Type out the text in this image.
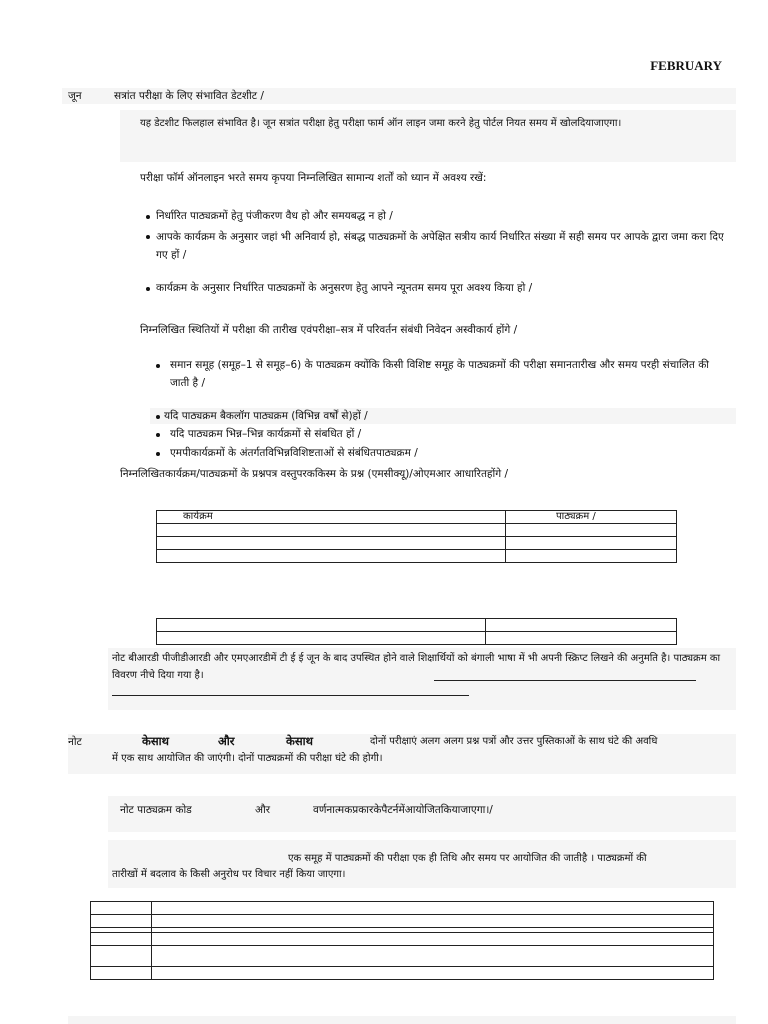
FEBRUARY
जून	सत्रांत परीक्षा के लिए संभावित डेटशीट /
यह डेटशीट फिलहाल संभावित है। जून सत्रांत परीक्षा हेतु परीक्षा फार्म ऑन लाइन जमा करने हेतु पोर्टल नियत समय में खोलदियाजाएगा।
परीक्षा फॉर्म ऑनलाइन भरते समय कृपया निम्नलिखित सामान्य शर्तों को ध्यान में अवश्य रखें:
निर्धारित पाठ्यक्रमों हेतु पंजीकरण वैध हो और समयबद्ध न हो /
आपके कार्यक्रम के अनुसार जहां भी अनिवार्य हो, संबद्ध पाठ्यक्रमों के अपेक्षित सत्रीय कार्य निर्धारित संख्या में सही समय पर आपके द्वारा जमा करा दिए गए हों /
कार्यक्रम के अनुसार निर्धारित पाठ्यक्रमों के अनुसरण हेतु आपने न्यूनतम समय पूरा अवश्य किया हो /
निम्नलिखित स्थितियों में परीक्षा की तारीख एवंपरीक्षा–सत्र में परिवर्तन संबंधी निवेदन अस्वीकार्य होंगे /
समान समूह (समूह–1 से समूह–6) के पाठ्यक्रम क्योंकि किसी विशिष्ट समूह के पाठ्यक्रमों की परीक्षा समानतारीख और समय परही संचालित की जाती है /
यदि पाठ्यक्रम बैकलॉग पाठ्यक्रम (विभिन्न वर्षों से)हों /
यदि पाठ्यक्रम भिन्न–भिन्न कार्यक्रमों से संबधित हों /
एमपीकार्यक्रमों के अंतर्गतविभिन्नविशिष्टताओं से संबंधितपाठ्यक्रम /
निम्नलिखितकार्यक्रम/पाठ्यक्रमों के प्रश्नपत्र वस्तुपरककिस्म के प्रश्न (एमसीक्यू)/ओएमआर आधारितहोंगे /
कार्यक्रम	पाठ्यक्रम /

नोट बीआरडी पीजीडीआरडी और एमएआरडीमें टी ई ई जून के बाद उपस्थित होने वाले शिक्षार्थियों को बंगाली भाषा में भी अपनी स्क्रिप्ट लिखने की अनुमति है। पाठ्यक्रम का विवरण नीचे दिया गया है।
नोट	केसाथ	और	केसाथ	दोनों परीक्षाएं अलग अलग प्रश्न पत्रों और उत्तर पुस्तिकाओं के साथ घंटे की अवधि
में एक साथ आयोजित की जाएंगी। दोनों पाठ्यक्रमों की परीक्षा घंटे की होगी।
नोट पाठ्यक्रम कोड	और	वर्णनात्मकप्रकारकेपैटर्नमेंआयोजितकियाजाएगा।/
एक समूह में पाठ्यक्रमों की परीक्षा एक ही तिथि और समय पर आयोजित की जातीहै । पाठ्यक्रमों की
तारीखों में बदलाव के किसी अनुरोध पर विचार नहीं किया जाएगा।
